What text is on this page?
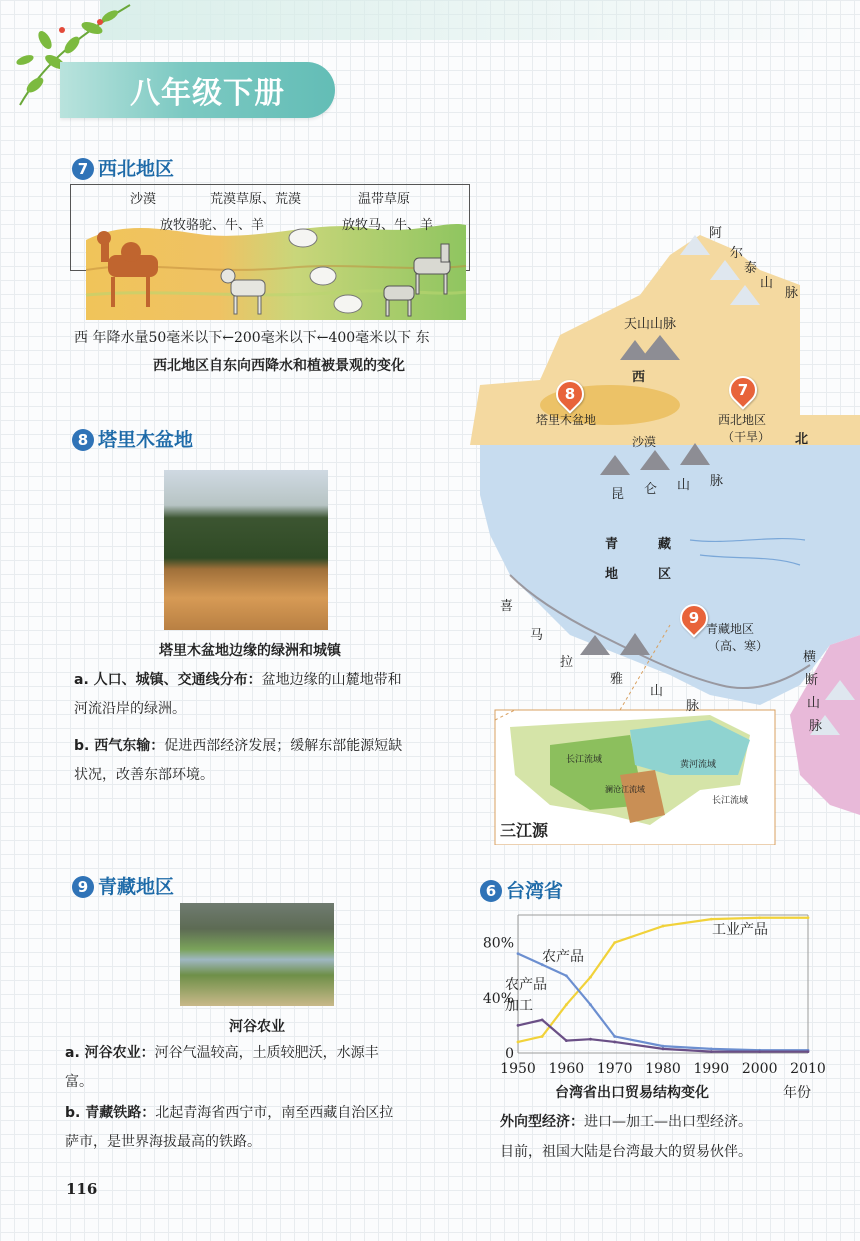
八年级下册
7 西北地区
沙漠	荒漠草原、荒漠	温带草原
放牧骆驼、牛、羊	放牧马、牛、羊
西 年降水量50毫米以下←200毫米以下←400毫米以下 东
西北地区自东向西降水和植被景观的变化
8 塔里木盆地
塔里木盆地边缘的绿洲和城镇
a. 人口、城镇、交通线分布：盆地边缘的山麓地带和河流沿岸的绿洲。
b. 西气东输：促进西部经济发展；缓解东部能源短缺状况，改善东部环境。
阿
尔
泰
山
脉
天山山脉
西
北
8
塔里木盆地
沙漠
7
西北地区
（干旱）
昆 仑 山 脉
青	藏
地	区
9
青藏地区
（高、寒）
喜
马
拉
雅
山
脉
横
断
山
脉
长江流域	黄河流域
澜沧江流域
长江流域
三江源
9 青藏地区
河谷农业
a. 河谷农业：河谷气温较高，土质较肥沃，水源丰富。
b. 青藏铁路：北起青海省西宁市，南至西藏自治区拉萨市，是世界海拔最高的铁路。
6 台湾省
0
40%
80%
1950 1960 1970 1980 1990 2000 2010
工业产品
农产品
农产品加工
台湾省出口贸易结构变化	年份
外向型经济：进口—加工—出口型经济。
目前，祖国大陆是台湾最大的贸易伙伴。
116
